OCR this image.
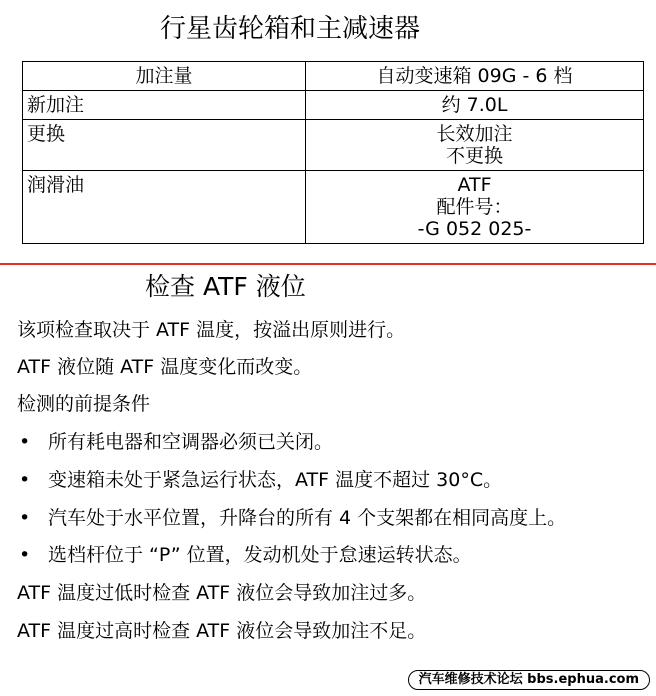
行星齿轮箱和主减速器
加注量	自动变速箱 09G - 6 档
新加注	约 7.0L

更换	长效加注
不更换

润滑油	ATF
配件号：
-G 052 025-
检查 ATF 液位
该项检查取决于 ATF 温度，按溢出原则进行。
ATF 液位随 ATF 温度变化而改变。
检测的前提条件
• 所有耗电器和空调器必须已关闭。
• 变速箱未处于紧急运行状态，ATF 温度不超过 30°C。
• 汽车处于水平位置，升降台的所有 4 个支架都在相同高度上。
• 选档杆位于 “P” 位置，发动机处于怠速运转状态。
ATF 温度过低时检查 ATF 液位会导致加注过多。
ATF 温度过高时检查 ATF 液位会导致加注不足。
汽车维修技术论坛 bbs.ephua.com
